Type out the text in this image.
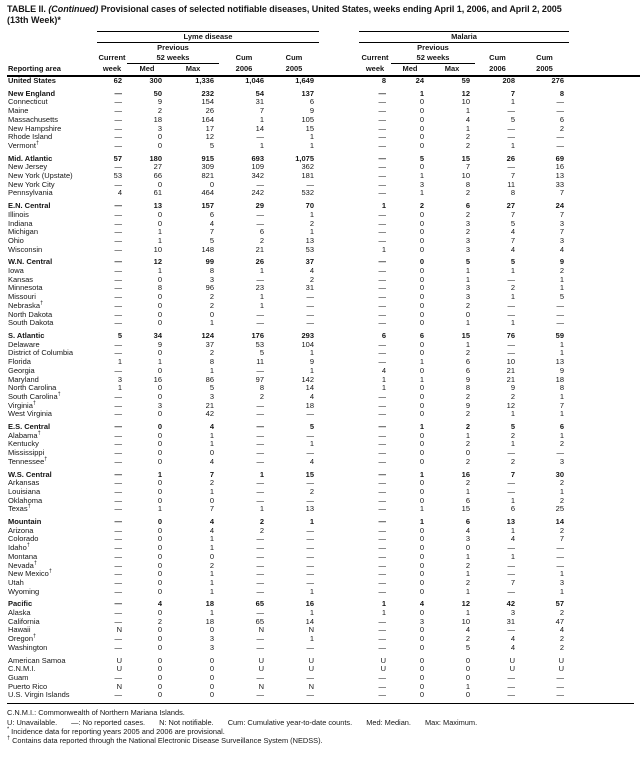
TABLE II. (Continued) Provisional cases of selected notifiable diseases, United States, weeks ending April 1, 2006, and April 2, 2005
(13th Week)*
	Lyme disease						Malaria					
		Previous						Previous				
	Current	52 weeks		Cum	Cum		Current	52 weeks		Cum	Cum	
Reporting area	week	Med	Max	2006	2005		week	Med	Max	2006	2005	
United States	62	300	1,336	1,046	1,649		8	24	59	208	276	
New England	—	50	232	54	137		—	1	12	7	8	
Connecticut	—	9	154	31	6		—	0	10	1	—	
Maine	—	2	26	7	9		—	0	1	—	—	
Massachusetts	—	18	164	1	105		—	0	4	5	6	
New Hampshire	—	3	17	14	15		—	0	1	—	2	
Rhode Island	—	0	12	—	1		—	0	2	—	—	
Vermont†	—	0	5	1	1		—	0	2	1	—	
Mid. Atlantic	57	180	915	693	1,075		—	5	15	26	69	
New Jersey	—	27	309	109	362		—	0	7	—	16	
New York (Upstate)	53	66	821	342	181		—	1	10	7	13	
New York City	—	0	0	—	—		—	3	8	11	33	
Pennsylvania	4	61	464	242	532		—	1	2	8	7	
E.N. Central	—	13	157	29	70		1	2	6	27	24	
Illinois	—	0	6	—	1		—	0	2	7	7	
Indiana	—	0	4	—	2		—	0	3	5	3	
Michigan	—	1	7	6	1		—	0	2	4	7	
Ohio	—	1	5	2	13		—	0	3	7	3	
Wisconsin	—	10	148	21	53		1	0	3	4	4	
W.N. Central	—	12	99	26	37		—	0	5	5	9	
Iowa	—	1	8	1	4		—	0	1	1	2	
Kansas	—	0	3	—	2		—	0	1	—	1	
Minnesota	—	8	96	23	31		—	0	3	2	1	
Missouri	—	0	2	1	—		—	0	3	1	5	
Nebraska†	—	0	2	1	—		—	0	2	—	—	
North Dakota	—	0	0	—	—		—	0	0	—	—	
South Dakota	—	0	1	—	—		—	0	1	1	—	
S. Atlantic	5	34	124	176	293		6	6	15	76	59	
Delaware	—	9	37	53	104		—	0	1	—	1	
District of Columbia	—	0	2	5	1		—	0	2	—	1	
Florida	1	1	8	11	9		—	1	6	10	13	
Georgia	—	0	1	—	1		4	0	6	21	9	
Maryland	3	16	86	97	142		1	1	9	21	18	
North Carolina	1	0	5	8	14		1	0	8	9	8	
South Carolina†	—	0	3	2	4		—	0	2	2	1	
Virginia†	—	3	21	—	18		—	0	9	12	7	
West Virginia	—	0	42	—	—		—	0	2	1	1	
E.S. Central	—	0	4	—	5		—	1	2	5	6	
Alabama†	—	0	1	—	—		—	0	1	2	1	
Kentucky	—	0	1	—	1		—	0	2	1	2	
Mississippi	—	0	0	—	—		—	0	0	—	—	
Tennessee†	—	0	4	—	4		—	0	2	2	3	
W.S. Central	—	1	7	1	15		—	1	16	7	30	
Arkansas	—	0	2	—	—		—	0	2	—	2	
Louisiana	—	0	1	—	2		—	0	1	—	1	
Oklahoma	—	0	0	—	—		—	0	6	1	2	
Texas†	—	1	7	1	13		—	1	15	6	25	
Mountain	—	0	4	2	1		—	1	6	13	14	
Arizona	—	0	4	2	—		—	0	4	1	2	
Colorado	—	0	1	—	—		—	0	3	4	7	
Idaho†	—	0	1	—	—		—	0	0	—	—	
Montana	—	0	0	—	—		—	0	1	1	—	
Nevada†	—	0	2	—	—		—	0	2	—	—	
New Mexico†	—	0	1	—	—		—	0	1	—	1	
Utah	—	0	1	—	—		—	0	2	7	3	
Wyoming	—	0	1	—	1		—	0	1	—	1	
Pacific	—	4	18	65	16		1	4	12	42	57	
Alaska	—	0	1	—	1		1	0	1	3	2	
California	—	2	18	65	14		—	3	10	31	47	
Hawaii	N	0	0	N	N		—	0	4	—	4	
Oregon†	—	0	3	—	1		—	0	2	4	2	
Washington	—	0	3	—	—		—	0	5	4	2	
American Samoa	U	0	0	U	U		U	0	0	U	U	
C.N.M.I.	U	0	0	U	U		U	0	0	U	U	
Guam	—	0	0	—	—		—	0	0	—	—	
Puerto Rico	N	0	0	N	N		—	0	1	—	—	
U.S. Virgin Islands	—	0	0	—	—		—	0	0	—	—	
C.N.M.I.: Commonwealth of Northern Mariana Islands.
U: Unavailable. —: No reported cases. N: Not notifiable. Cum: Cumulative year-to-date counts. Med: Median. Max: Maximum.
* Incidence data for reporting years 2005 and 2006 are provisional.
† Contains data reported through the National Electronic Disease Surveillance System (NEDSS).
